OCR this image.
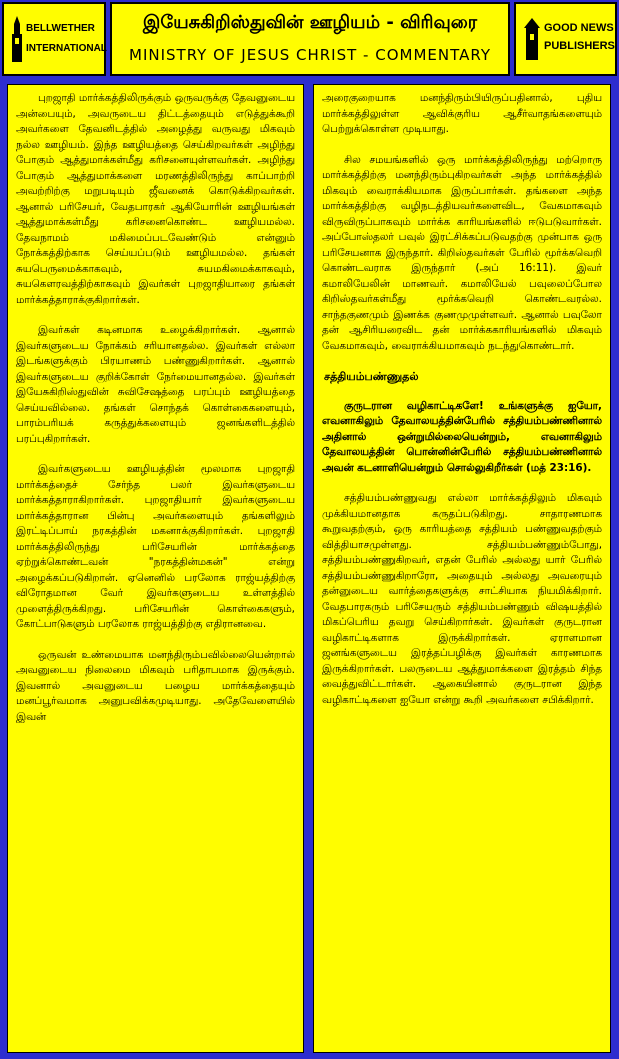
BELLWETHER
INTERNATIONAL
இயேசுகிறிஸ்துவின் ஊழியம் - விரிவுரை
MINISTRY OF JESUS CHRIST - COMMENTARY
GOOD NEWS
PUBLISHERS

புறஜாதி மார்க்கத்திலிருக்கும் ஒருவருக்கு தேவனுடைய அன்பையும், அவருடைய திட்டத்தையும் எடுத்துக்கூறி அவர்களை தேவனிடத்தில் அழைத்து வருவது மிகவும் நல்ல ஊழியம். இந்த ஊழியத்தை செய்கிறவர்கள் அழிந்து போகும் ஆத்துமாக்கள்மீது கரிசனையுள்ளவர்கள். அழிந்து போகும் ஆத்துமாக்களை மரணத்திலிருந்து காப்பாற்றி அவற்றிற்கு மறுபடியும் ஜீவனைக் கொடுக்கிறவர்கள். ஆனால் பரிசேயர், வேதபாரகர் ஆகியோரின் ஊழியங்கள் ஆத்துமாக்கள்மீது கரிசனைகொண்ட ஊழியமல்ல. தேவநாமம் மகிமைப்படவேண்டும் என்னும் நோக்கத்திற்காக செய்யப்படும் ஊழியமல்ல. தங்கள் சுயபெருமைக்காகவும், சுயமகிமைக்காகவும், சுயகௌரவத்திற்காகவும் இவர்கள் புறஜாதியாரை தங்கள் மார்க்கத்தாராக்குகிறார்கள்.

இவர்கள் கடினமாக உழைக்கிறார்கள். ஆனால் இவர்களுடைய நோக்கம் சரியானதல்ல. இவர்கள் எல்லா இடங்களுக்கும் பிரயாணம் பண்ணுகிறார்கள். ஆனால் இவர்களுடைய குறிக்கோள் நேர்மையானதல்ல. இவர்கள் இயேசுகிறிஸ்துவின் சுவிசேஷத்தை பரப்பும் ஊழியத்தை செய்யவில்லை. தங்கள் சொந்தக் கொள்கைகளையும், பாரம்பரியக் கருத்துக்களையும் ஜனங்களிடத்தில் பரப்புகிறார்கள்.

இவர்களுடைய ஊழியத்தின் மூலமாக புறஜாதி மார்க்கத்தைச் சேர்ந்த பலர் இவர்களுடைய மார்க்கத்தாராகிறார்கள். புறஜாதியார் இவர்களுடைய மார்க்கத்தாரான பின்பு அவர்களையும் தங்களிலும் இரட்டிப்பாய் நரகத்தின் மகனாக்குகிறார்கள். புறஜாதி மார்க்கத்திலிருந்து பரிசேயரின் மார்க்கத்தை ஏற்றுக்கொண்டவன் "நரகத்தின்மகன்" என்று அழைக்கப்படுகிறான். ஏனெனில் பரலோக ராஜ்யத்திற்கு விரோதமான வேர் இவர்களுடைய உள்ளத்தில் முளைத்திருக்கிறது. பரிசேயரின் கொள்கைகளும், கோட்பாடுகளும் பரலோக ராஜ்யத்திற்கு எதிரானவை.

ஒருவன் உண்மையாக மனந்திரும்பவில்லையென்றால் அவனுடைய நிலைமை மிகவும் பரிதாபமாக இருக்கும். இவனால் அவனுடைய பழைய மார்க்கத்தையும் மனப்பூர்வமாக அனுபவிக்கமுடியாது. அதேவேளையில் இவன்

அரைகுறையாக மனந்திரும்பியிருப்பதினால், புதிய மார்க்கத்திலுள்ள ஆவிக்குரிய ஆசீர்வாதங்களையும் பெற்றுக்கொள்ள முடியாது.

சில சமயங்களில் ஒரு மார்க்கத்திலிருந்து மற்றொரு மார்க்கத்திற்கு மனந்திரும்புகிறவர்கள் அந்த மார்க்கத்தில் மிகவும் வைராக்கியமாக இருப்பார்கள். தங்களை அந்த மார்க்கத்திற்கு வழிநடத்தியவர்களைவிட, வேகமாகவும் விருவிருப்பாகவும் மார்க்க காரியங்களில் ஈடுபடுவார்கள். அப்போஸ்தலர் பவுல் இரட்சிக்கப்படுவதற்கு முன்பாக ஒரு பரிசேயனாக இருந்தார். கிறிஸ்தவர்கள் பேரில் மூர்க்கவெறி கொண்டவராக இருந்தார் (அப் 16:11). இவர் கமாலியேலின் மாணவர். கமாலியேல் பவுலைப்போல கிறிஸ்தவர்கள்மீது மூர்க்கவெறி கொண்டவரல்ல. சாந்தகுணமும் இணக்க குணமுமுள்ளவர். ஆனால் பவுலோ தன் ஆசிரியரைவிட தன் மார்க்ககாரியங்களில் மிகவும் வேகமாகவும், வைராக்கியமாகவும் நடந்துகொண்டார்.

சத்தியம்பண்ணுதல்

குருடரான வழிகாட்டிகளே! உங்களுக்கு ஐயோ, எவனாகிலும் தேவாலயத்தின்பேரில் சத்தியம்பண்ணினால் அதினால் ஒன்றுமில்லையென்றும், எவனாகிலும் தேவாலயத்தின் பொன்னின்பேரில் சத்தியம்பண்ணினால் அவன் கடனாளியென்றும் சொல்லுகிறீர்கள் (மத் 23:16).

சத்தியம்பண்ணுவது எல்லா மார்க்கத்திலும் மிகவும் முக்கியமானதாக கருதப்படுகிறது. சாதாரணமாக கூறுவதற்கும், ஒரு காரியத்தை சத்தியம் பண்ணுவதற்கும் வித்தியாசமுள்ளது. சத்தியம்பண்ணும்போது, சத்தியம்பண்ணுகிறவர், எதன் பேரில் அல்லது யார் பேரில் சத்தியம்பண்ணுகிறாரோ, அதையும் அல்லது அவரையும் தன்னுடைய வார்த்தைகளுக்கு சாட்சியாக நியமிக்கிறார். வேதபாரகரும் பரிசேயரும் சத்தியம்பண்ணும் விஷயத்தில் மிகப்பெரிய தவறு செய்கிறார்கள். இவர்கள் குருடரான வழிகாட்டிகளாக இருக்கிறார்கள். ஏராளமான ஜனங்களுடைய இரத்தப்பழிக்கு இவர்கள் காரணமாக இருக்கிறார்கள். பலருடைய ஆத்துமாக்களை இரத்தம் சிந்த வைத்துவிட்டார்கள். ஆகையினால் குருடரான இந்த வழிகாட்டிகளை ஐயோ என்று கூறி அவர்களை சபிக்கிறார்.
